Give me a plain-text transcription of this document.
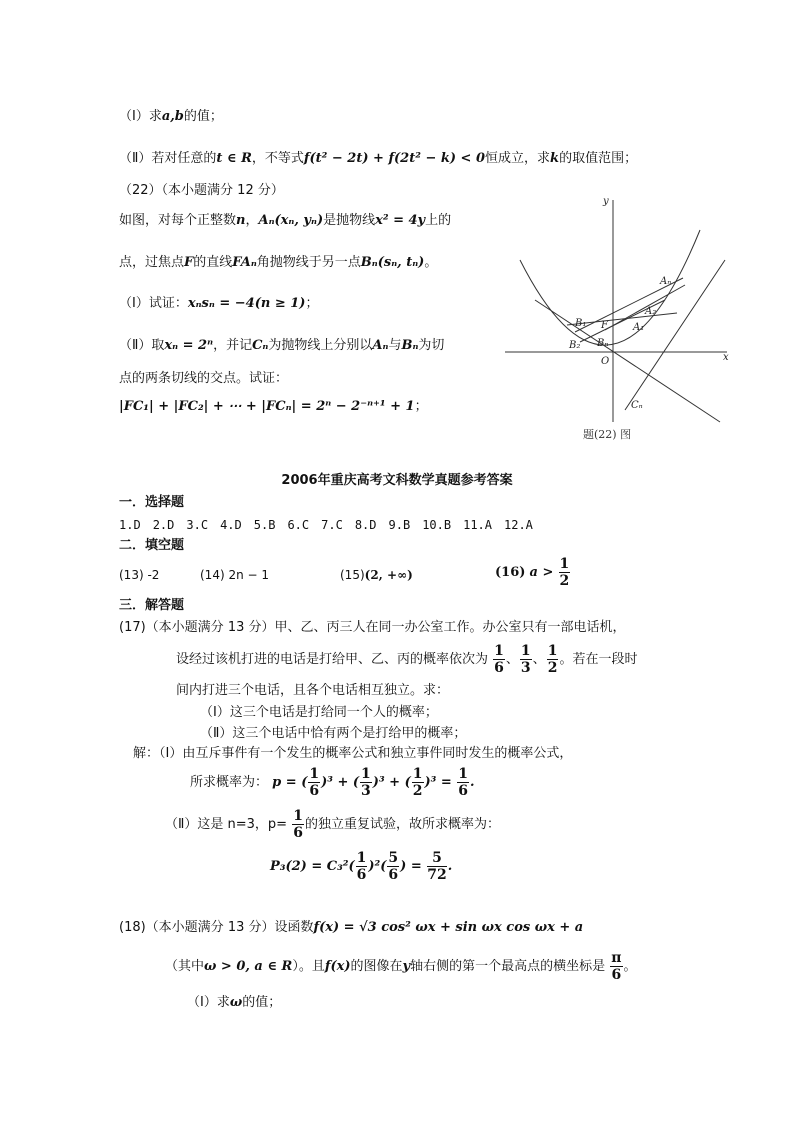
（Ⅰ）求a,b的值；
（Ⅱ）若对任意的t ∈ R，不等式f(t² − 2t) + f(2t² − k) < 0恒成立，求k的取值范围；
（22）（本小题满分 12 分）
如图，对每个正整数n，Aₙ(xₙ, yₙ)是抛物线x² = 4y上的
点，过焦点F的直线FAₙ角抛物线于另一点Bₙ(sₙ, tₙ)。
（Ⅰ）试证：xₙsₙ = −4(n ≥ 1)；
（Ⅱ）取xₙ = 2ⁿ，并记Cₙ为抛物线上分别以Aₙ与Bₙ为切
点的两条切线的交点。试证：
|FC₁| + |FC₂| + ⋯ + |FCₙ| = 2ⁿ − 2⁻ⁿ⁺¹ + 1；
y
x
O
F
Aₙ
A₂
A₁
B₁
B₂ Bₙ
Cₙ
题(22) 图
2006年重庆高考文科数学真题参考答案
一．选择题
1.D 2.D 3.C 4.D 5.B 6.C 7.C 8.D 9.B 10.B 11.A 12.A
二．填空题
(13) -2	(14) 2n − 1	(15)(2, +∞)	(16) $a > \frac{1}{2}$
三．解答题
(17)（本小题满分 13 分）甲、乙、丙三人在同一办公室工作。办公室只有一部电话机，
设经过该机打进的电话是打给甲、乙、丙的概率依次为 $\frac{1}{6}$ 、 $\frac{1}{3}$ 、 $\frac{1}{2}$ 。若在一段时
间内打进三个电话，且各个电话相互独立。求：
（Ⅰ）这三个电话是打给同一个人的概率；
（Ⅱ）这三个电话中恰有两个是打给甲的概率；
解：（Ⅰ）由互斥事件有一个发生的概率公式和独立事件同时发生的概率公式，
所求概率为： p = ( $\frac{1}{6} )^3$ + ( $\frac{1}{3} )^3$ + ( $\frac{1}{2} )^3 = \frac{1}{6}$ .
（Ⅱ）这是 n=3，$p= \frac{1}{6}$ 的独立重复试验，故所求概率为：
$P_3(2) = C_3^2( \frac{1}{6} )^2( \frac{5}{6}$ ) = $\frac{5}{72}$ .
(18)（本小题满分 13 分）设函数f(x) = √3 cos² ωx + sin ωx cos ωx + a
（其中ω > 0, a ∈ R）。且f(x)的图像在y轴右侧的第一个最高点的横坐标是 $\frac{\pi}{6}$ 。
（Ⅰ）求ω的值；
